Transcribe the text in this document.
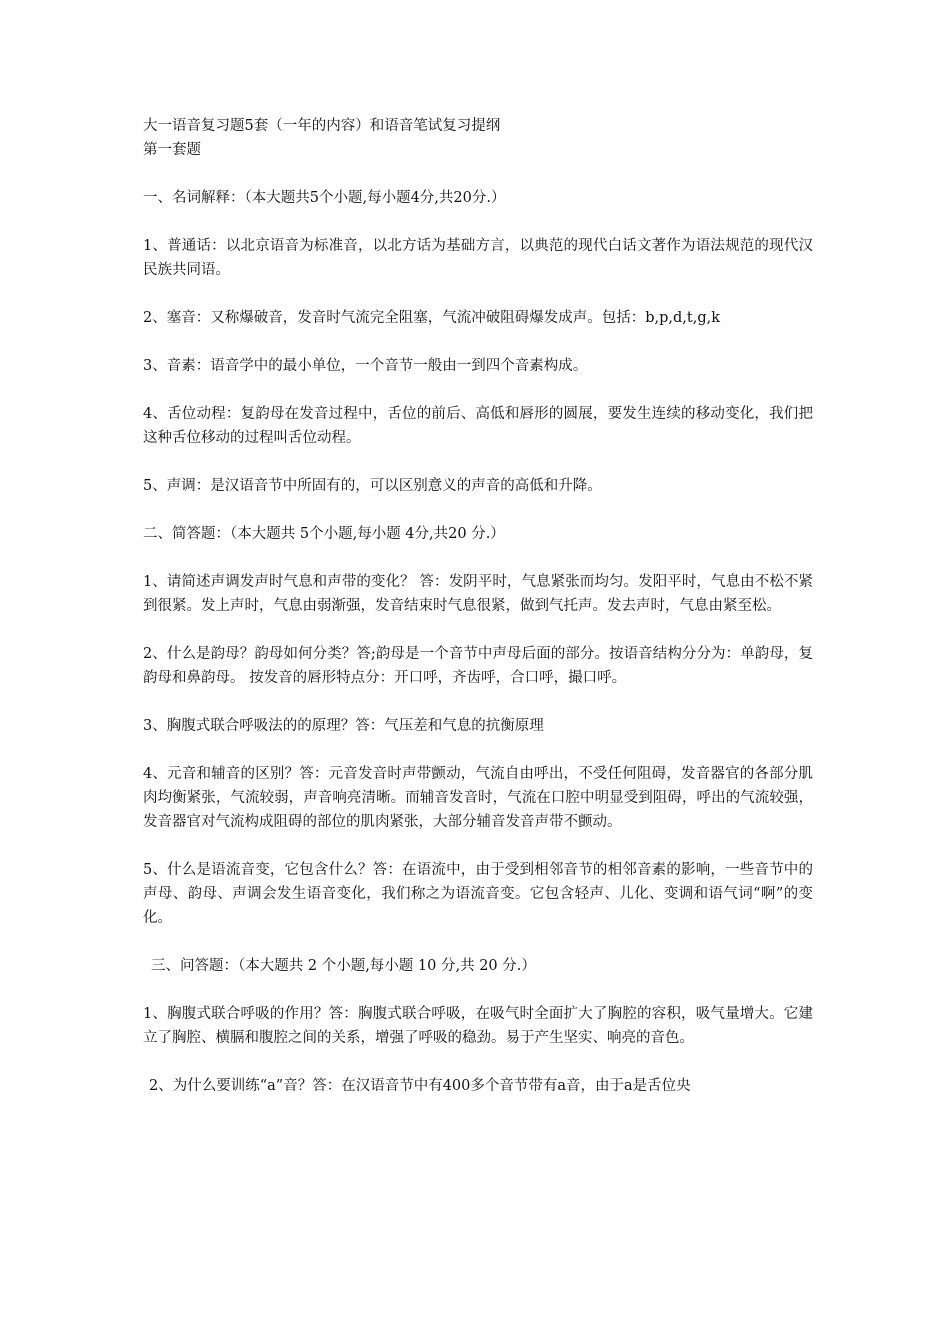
大一语音复习题5套（一年的内容）和语音笔试复习提纲

第一套题

一、名词解释：（本大题共5个小题,每小题4分,共20分.）

1、普通话：以北京语音为标准音，以北方话为基础方言，以典范的现代白话文著作为语法规范的现代汉民族共同语。

2、塞音：又称爆破音，发音时气流完全阻塞，气流冲破阻碍爆发成声。包括：b,p,d,t,g,k

3、音素：语音学中的最小单位，一个音节一般由一到四个音素构成。

4、舌位动程：复韵母在发音过程中，舌位的前后、高低和唇形的圆展，要发生连续的移动变化，我们把这种舌位移动的过程叫舌位动程。

5、声调：是汉语音节中所固有的，可以区别意义的声音的高低和升降。

二、简答题：（本大题共 5个小题,每小题 4分,共20 分.）

1、请简述声调发声时气息和声带的变化？ 答：发阴平时，气息紧张而均匀。发阳平时，气息由不松不紧到很紧。发上声时，气息由弱渐强，发音结束时气息很紧，做到气托声。发去声时，气息由紧至松。

2、什么是韵母？韵母如何分类？答;韵母是一个音节中声母后面的部分。按语音结构分分为：单韵母，复韵母和鼻韵母。 按发音的唇形特点分：开口呼，齐齿呼，合口呼，撮口呼。

3、胸腹式联合呼吸法的的原理？答：气压差和气息的抗衡原理

4、元音和辅音的区别？答：元音发音时声带颤动，气流自由呼出，不受任何阻碍，发音器官的各部分肌肉均衡紧张，气流较弱，声音响亮清晰。而辅音发音时，气流在口腔中明显受到阻碍，呼出的气流较强，发音器官对气流构成阻碍的部位的肌肉紧张，大部分辅音发音声带不颤动。

5、什么是语流音变，它包含什么？答：在语流中，由于受到相邻音节的相邻音素的影响，一些音节中的声母、韵母、声调会发生语音变化，我们称之为语流音变。它包含轻声、儿化、变调和语气词“啊”的变化。

三、问答题：（本大题共 2 个小题,每小题 10 分,共 20 分.）

1、胸腹式联合呼吸的作用？答：胸腹式联合呼吸，在吸气时全面扩大了胸腔的容积，吸气量增大。它建立了胸腔、横膈和腹腔之间的关系，增强了呼吸的稳劲。易于产生坚实、响亮的音色。

2、为什么要训练“a”音？答：在汉语音节中有400多个音节带有a音，由于a是舌位央
